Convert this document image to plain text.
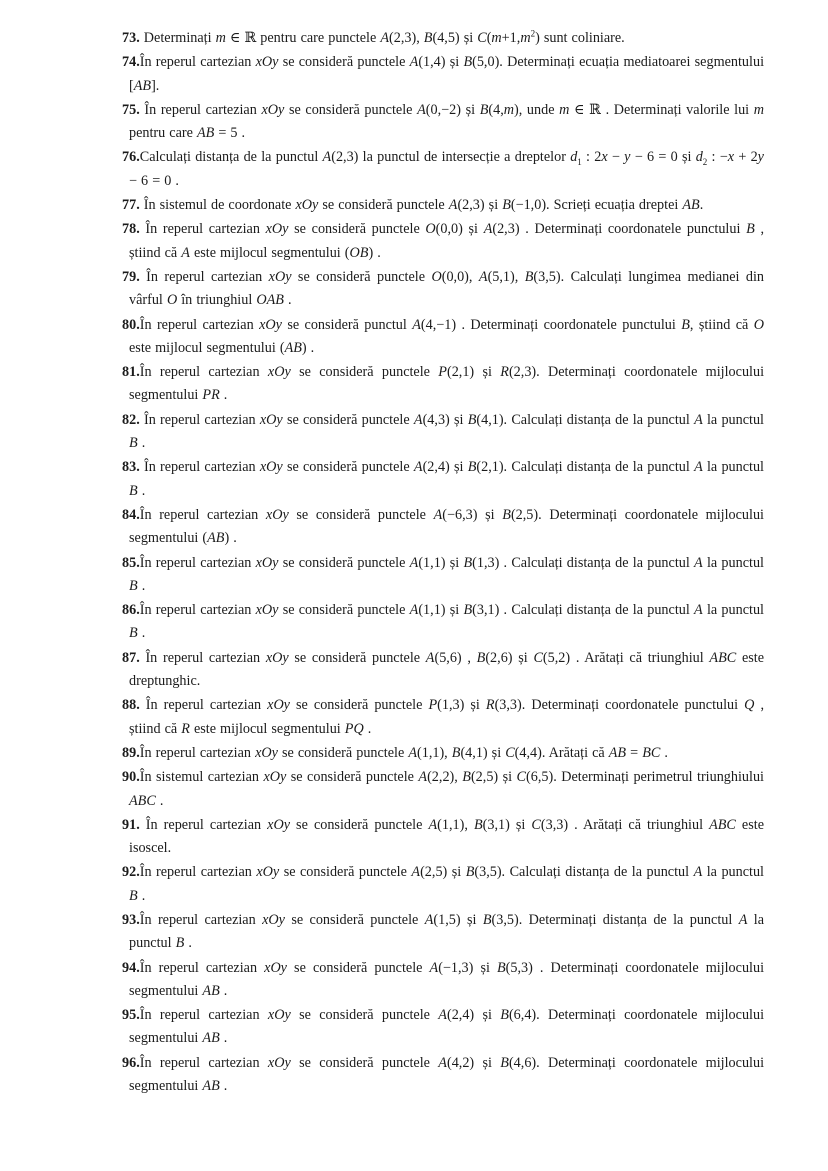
73. Determinați m ∈ ℝ pentru care punctele A(2,3), B(4,5) și $C(m+1,m^2)$ sunt coliniare.
74.În reperul cartezian xOy se consideră punctele A(1,4) și B(5,0). Determinați ecuația mediatoarei segmentului [AB].
75. În reperul cartezian xOy se consideră punctele A(0,−2) și B(4,m), unde m ∈ ℝ . Determinați valorile lui m pentru care AB = 5 .
76.Calculați distanța de la punctul A(2,3) la punctul de intersecție a dreptelor $d_1$ : 2x − y − 6 = 0 și $d_2$ : −x + 2y − 6 = 0 .
77. În sistemul de coordonate xOy se consideră punctele A(2,3) și B(−1,0). Scrieți ecuația dreptei AB.
78. În reperul cartezian xOy se consideră punctele O(0,0) și A(2,3) . Determinați coordonatele punctului B , știind că A este mijlocul segmentului (OB) .
79. În reperul cartezian xOy se consideră punctele O(0,0), A(5,1), B(3,5). Calculați lungimea medianei din vârful O în triunghiul OAB .
80.În reperul cartezian xOy se consideră punctul A(4,−1) . Determinați coordonatele punctului B, știind că O este mijlocul segmentului (AB) .
81.În reperul cartezian xOy se consideră punctele P(2,1) și R(2,3). Determinați coordonatele mijlocului segmentului PR .
82. În reperul cartezian xOy se consideră punctele A(4,3) și B(4,1). Calculați distanța de la punctul A la punctul B .
83. În reperul cartezian xOy se consideră punctele A(2,4) și B(2,1). Calculați distanța de la punctul A la punctul B .
84.În reperul cartezian xOy se consideră punctele A(−6,3) și B(2,5). Determinați coordonatele mijlocului segmentului (AB) .
85.În reperul cartezian xOy se consideră punctele A(1,1) și B(1,3) . Calculați distanța de la punctul A la punctul B .
86.În reperul cartezian xOy se consideră punctele A(1,1) și B(3,1) . Calculați distanța de la punctul A la punctul B .
87. În reperul cartezian xOy se consideră punctele A(5,6) , B(2,6) și C(5,2) . Arătați că triunghiul ABC este dreptunghic.
88. În reperul cartezian xOy se consideră punctele P(1,3) și R(3,3). Determinați coordonatele punctului Q , știind că R este mijlocul segmentului PQ .
89.În reperul cartezian xOy se consideră punctele A(1,1), B(4,1) și C(4,4). Arătați că AB = BC .
90.În sistemul cartezian xOy se consideră punctele A(2,2), B(2,5) și C(6,5). Determinați perimetrul triunghiului ABC .
91. În reperul cartezian xOy se consideră punctele A(1,1), B(3,1) și C(3,3) . Arătați că triunghiul ABC este isoscel.
92.În reperul cartezian xOy se consideră punctele A(2,5) și B(3,5). Calculați distanța de la punctul A la punctul B .
93.În reperul cartezian xOy se consideră punctele A(1,5) și B(3,5). Determinați distanța de la punctul A la punctul B .
94.În reperul cartezian xOy se consideră punctele A(−1,3) și B(5,3) . Determinați coordonatele mijlocului segmentului AB .
95.În reperul cartezian xOy se consideră punctele A(2,4) și B(6,4). Determinați coordonatele mijlocului segmentului AB .
96.În reperul cartezian xOy se consideră punctele A(4,2) și B(4,6). Determinați coordonatele mijlocului segmentului AB .
